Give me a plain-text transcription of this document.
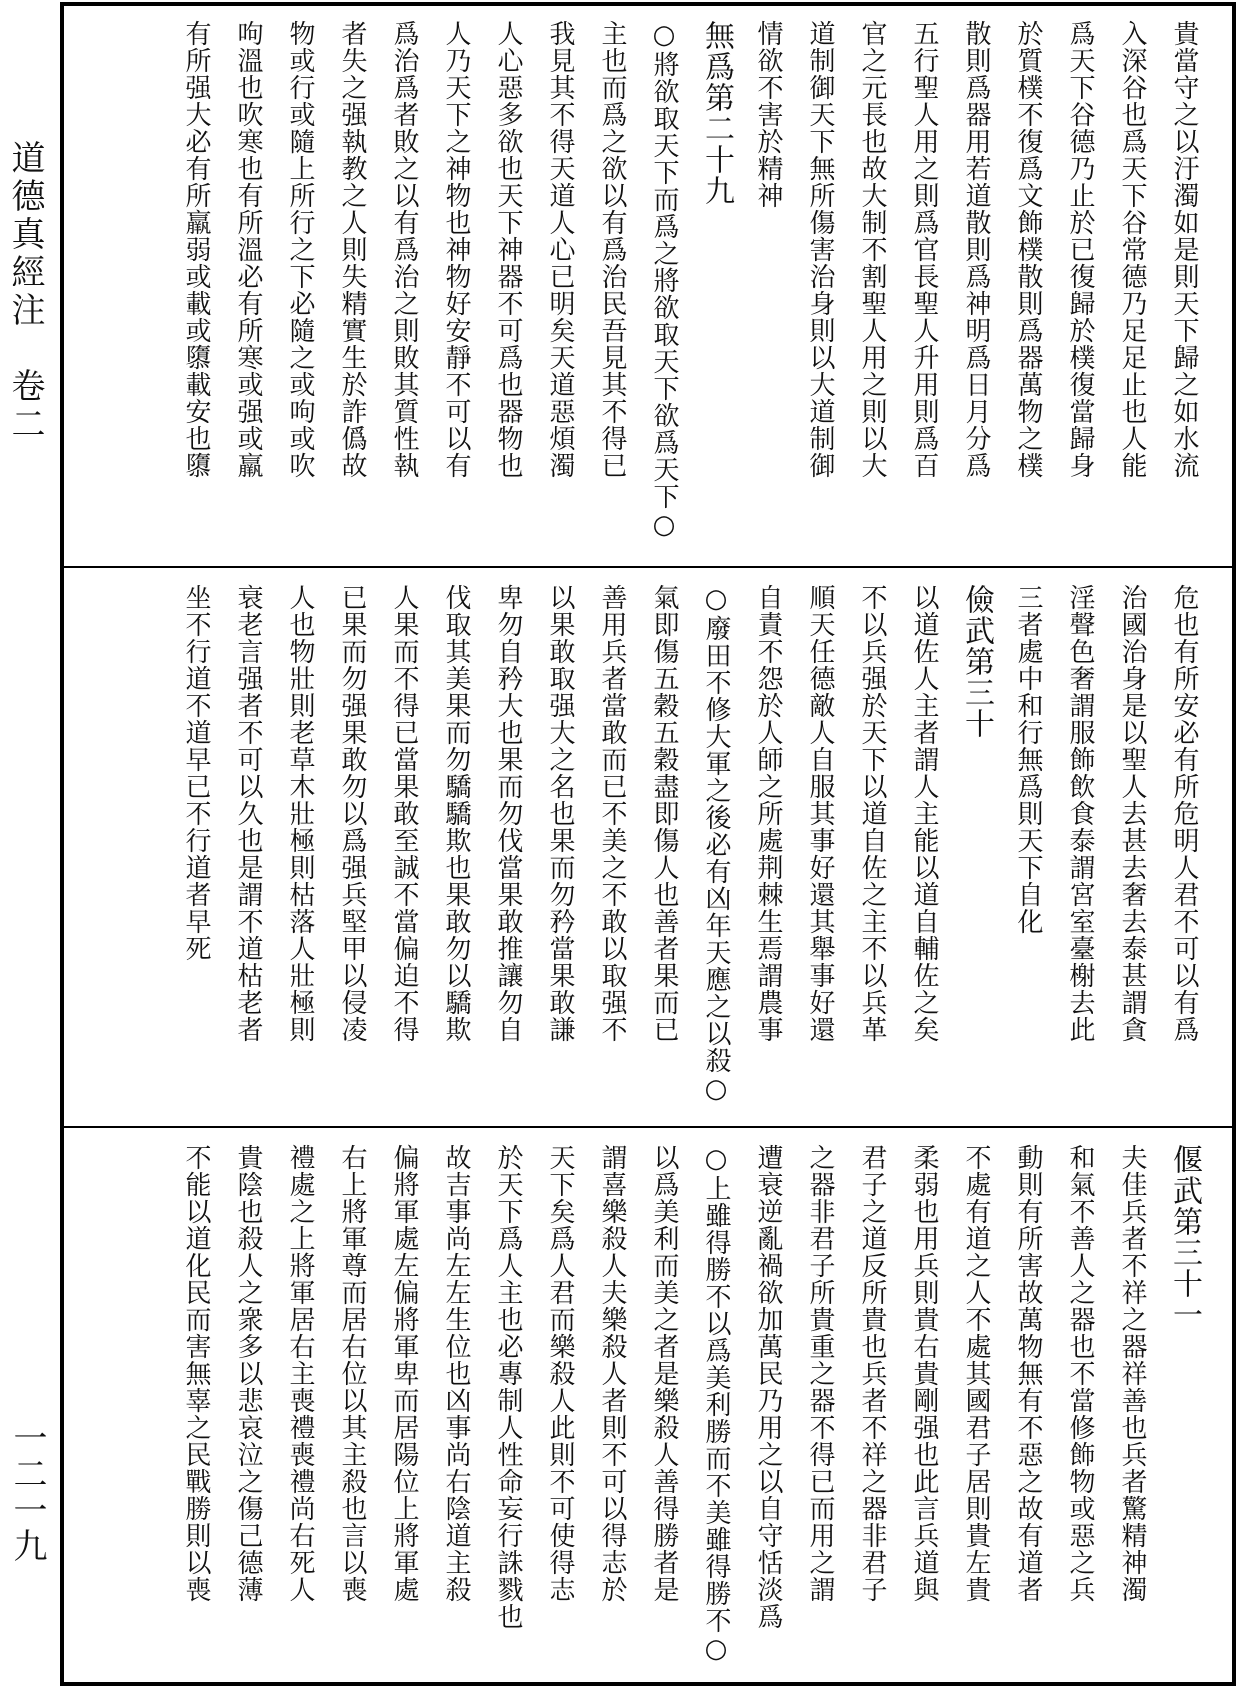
道德真經注　卷二
一二一九
貴當守之以汙濁如是則天下歸之如水流
入深谷也爲天下谷常德乃足足止也人能
爲天下谷德乃止於已復歸於樸復當歸身
於質樸不復爲文飾樸散則爲器萬物之樸
散則爲器用若道散則爲神明爲日月分爲
五行聖人用之則爲官長聖人升用則爲百
官之元長也故大制不割聖人用之則以大
道制御天下無所傷害治身則以大道制御
情欲不害於精神
無爲第二十九
○將欲取天下而爲之將欲取天下欲爲天下○
主也而爲之欲以有爲治民吾見其不得已
我見其不得天道人心已明矣天道惡煩濁
人心惡多欲也天下神器不可爲也器物也
人乃天下之神物也神物好安靜不可以有
爲治爲者敗之以有爲治之則敗其質性執
者失之强執教之人則失精實生於詐僞故
物或行或隨上所行之下必隨之或呴或吹
呴溫也吹寒也有所溫必有所寒或强或羸
有所强大必有所羸弱或載或隳載安也隳
危也有所安必有所危明人君不可以有爲
治國治身是以聖人去甚去奢去泰甚謂貪
淫聲色奢謂服飾飲食泰謂宮室臺榭去此
三者處中和行無爲則天下自化
儉武第三十
以道佐人主者謂人主能以道自輔佐之矣
不以兵强於天下以道自佐之主不以兵革
順天任德敵人自服其事好還其舉事好還
自責不怨於人師之所處荆棘生焉謂農事
○廢田不修大軍之後必有凶年天應之以殺○
氣即傷五穀五穀盡即傷人也善者果而已
善用兵者當敢而已不美之不敢以取强不
以果敢取强大之名也果而勿矜當果敢謙
卑勿自矜大也果而勿伐當果敢推讓勿自
伐取其美果而勿驕驕欺也果敢勿以驕欺
人果而不得已當果敢至誠不當偏迫不得
已果而勿强果敢勿以爲强兵堅甲以侵凌
人也物壯則老草木壯極則枯落人壯極則
衰老言强者不可以久也是謂不道枯老者
坐不行道不道早已不行道者早死
偃武第三十一
夫佳兵者不祥之器祥善也兵者驚精神濁
和氣不善人之器也不當修飾物或惡之兵
動則有所害故萬物無有不惡之故有道者
不處有道之人不處其國君子居則貴左貴
柔弱也用兵則貴右貴剛强也此言兵道與
君子之道反所貴也兵者不祥之器非君子
之器非君子所貴重之器不得已而用之謂
遭衰逆亂禍欲加萬民乃用之以自守恬淡爲
○上雖得勝不以爲美利勝而不美雖得勝不○
以爲美利而美之者是樂殺人善得勝者是
謂喜樂殺人夫樂殺人者則不可以得志於
天下矣爲人君而樂殺人此則不可使得志
於天下爲人主也必專制人性命妄行誅戮也
故吉事尚左左生位也凶事尚右陰道主殺
偏將軍處左偏將軍卑而居陽位上將軍處
右上將軍尊而居右位以其主殺也言以喪
禮處之上將軍居右主喪禮喪禮尚右死人
貴陰也殺人之衆多以悲哀泣之傷己德薄
不能以道化民而害無辜之民戰勝則以喪
